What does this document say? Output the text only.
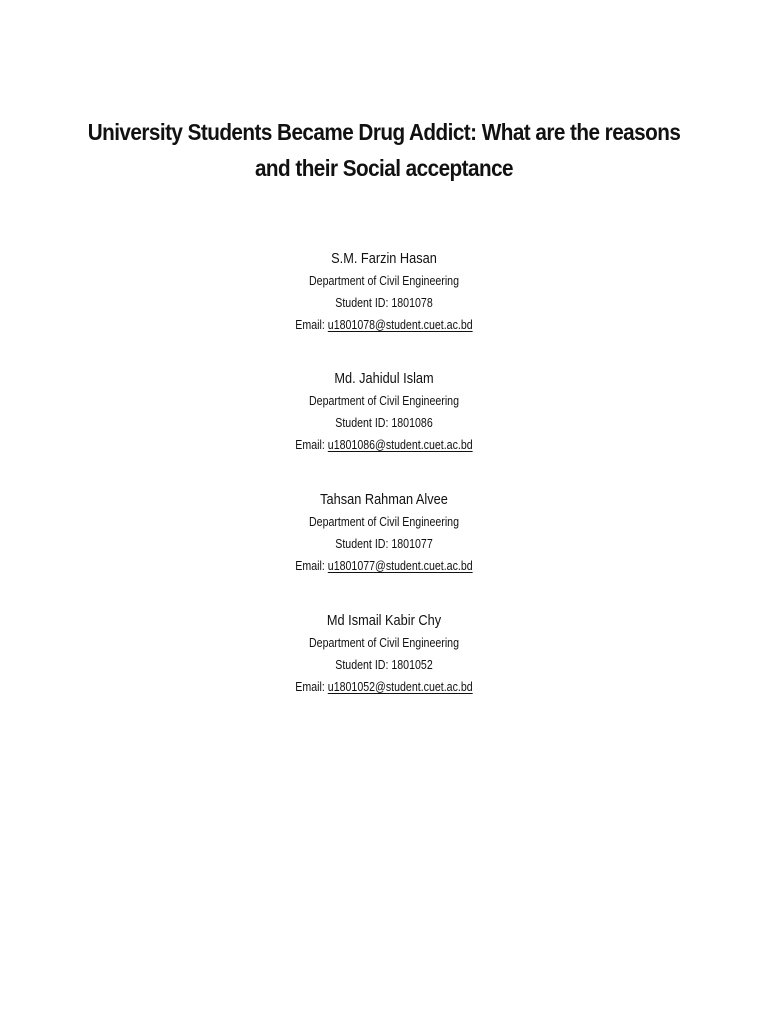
University Students Became Drug Addict: What are the reasons
and their Social acceptance
S.M. Farzin Hasan
Department of Civil Engineering
Student ID: 1801078
Email: u1801078@student.cuet.ac.bd
Md. Jahidul Islam
Department of Civil Engineering
Student ID: 1801086
Email: u1801086@student.cuet.ac.bd
Tahsan Rahman Alvee
Department of Civil Engineering
Student ID: 1801077
Email: u1801077@student.cuet.ac.bd
Md Ismail Kabir Chy
Department of Civil Engineering
Student ID: 1801052
Email: u1801052@student.cuet.ac.bd
